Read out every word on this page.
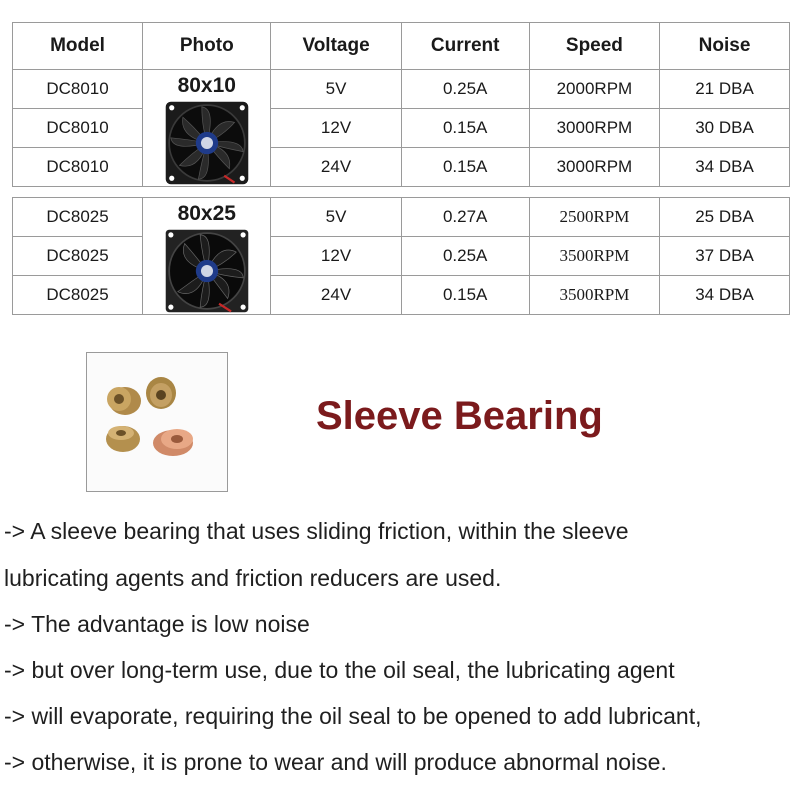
Model	Photo	Voltage	Current	Speed	Noise
DC8010	80x10	5V	0.25A	2000RPM	21 DBA
DC8010		12V	0.15A	3000RPM	30 DBA
DC8010		24V	0.15A	3000RPM	34 DBA

DC8025	80x25	5V	0.27A	2500RPM	25 DBA
DC8025		12V	0.25A	3500RPM	37 DBA
DC8025		24V	0.15A	3500RPM	34 DBA
Sleeve Bearing
-> A sleeve bearing that uses sliding friction, within the sleeve
lubricating agents and friction reducers are used.
-> The advantage is low noise
-> but over long-term use, due to the oil seal, the lubricating agent
-> will evaporate, requiring the oil seal to be opened to add lubricant,
-> otherwise, it is prone to wear and will produce abnormal noise.
